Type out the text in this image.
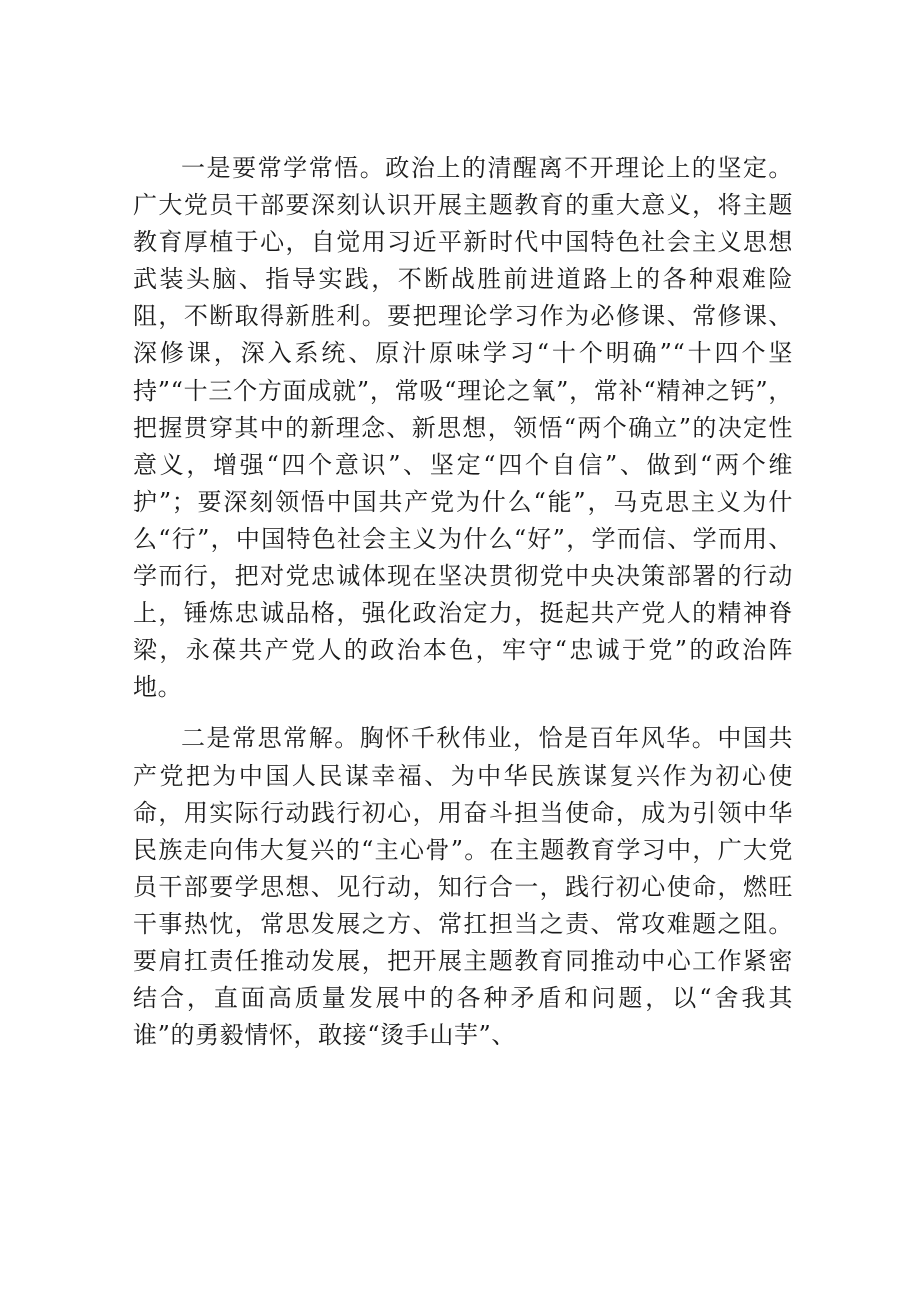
一是要常学常悟。政治上的清醒离不开理论上的坚定。广大党员干部要深刻认识开展主题教育的重大意义，将主题教育厚植于心，自觉用习近平新时代中国特色社会主义思想武装头脑、指导实践，不断战胜前进道路上的各种艰难险阻，不断取得新胜利。要把理论学习作为必修课、常修课、深修课，深入系统、原汁原味学习“十个明确”“十四个坚持”“十三个方面成就”，常吸“理论之氧”，常补“精神之钙”，把握贯穿其中的新理念、新思想，领悟“两个确立”的决定性意义，增强“四个意识”、坚定“四个自信”、做到“两个维护”；要深刻领悟中国共产党为什么“能”，马克思主义为什么“行”，中国特色社会主义为什么“好”，学而信、学而用、学而行，把对党忠诚体现在坚决贯彻党中央决策部署的行动上，锤炼忠诚品格，强化政治定力，挺起共产党人的精神脊梁，永葆共产党人的政治本色，牢守“忠诚于党”的政治阵地。

二是常思常解。胸怀千秋伟业，恰是百年风华。中国共产党把为中国人民谋幸福、为中华民族谋复兴作为初心使命，用实际行动践行初心，用奋斗担当使命，成为引领中华民族走向伟大复兴的“主心骨”。在主题教育学习中，广大党员干部要学思想、见行动，知行合一，践行初心使命，燃旺干事热忱，常思发展之方、常扛担当之责、常攻难题之阻。要肩扛责任推动发展，把开展主题教育同推动中心工作紧密结合，直面高质量发展中的各种矛盾和问题，以“舍我其谁”的勇毅情怀，敢接“烫手山芋”、
